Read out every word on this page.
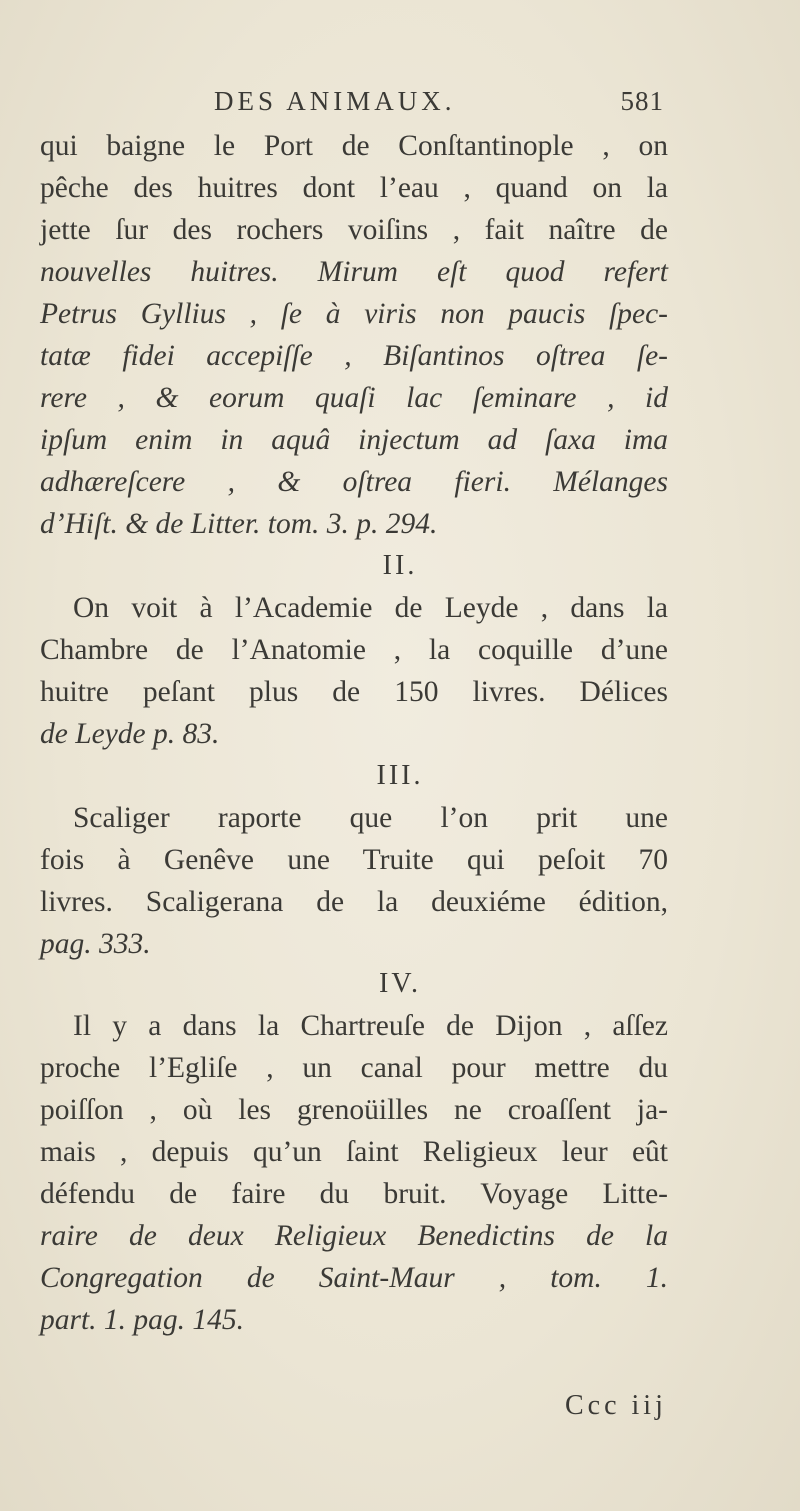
DES ANIMAUX.	581
qui baigne le Port de Conſtantinople , on
pêche des huitres dont l’eau , quand on la
jette ſur des rochers voiſins , fait naître de
nouvelles huitres. Mirum eſt quod refert
Petrus Gyllius , ſe à viris non paucis ſpec-
tatæ fidei accepiſſe , Biſantinos oſtrea ſe-
rere , & eorum quaſi lac ſeminare , id
ipſum enim in aquâ injectum ad ſaxa ima
adhæreſcere , & oſtrea fieri. Mélanges
d’Hiſt. & de Litter. tom. 3. p. 294.
II.
On voit à l’Academie de Leyde , dans la
Chambre de l’Anatomie , la coquille d’une
huitre peſant plus de 150 livres. Délices
de Leyde p. 83.
III.
Scaliger raporte que l’on prit une
fois à Genêve une Truite qui peſoit 70
livres. Scaligerana de la deuxiéme édition,
pag. 333.
IV.
Il y a dans la Chartreuſe de Dijon , aſſez
proche l’Egliſe , un canal pour mettre du
poiſſon , où les grenoüilles ne croaſſent ja-
mais , depuis qu’un ſaint Religieux leur eût
défendu de faire du bruit. Voyage Litte-
raire de deux Religieux Benedictins de la
Congregation de Saint-Maur , tom. 1.
part. 1. pag. 145.
Ccc iij
